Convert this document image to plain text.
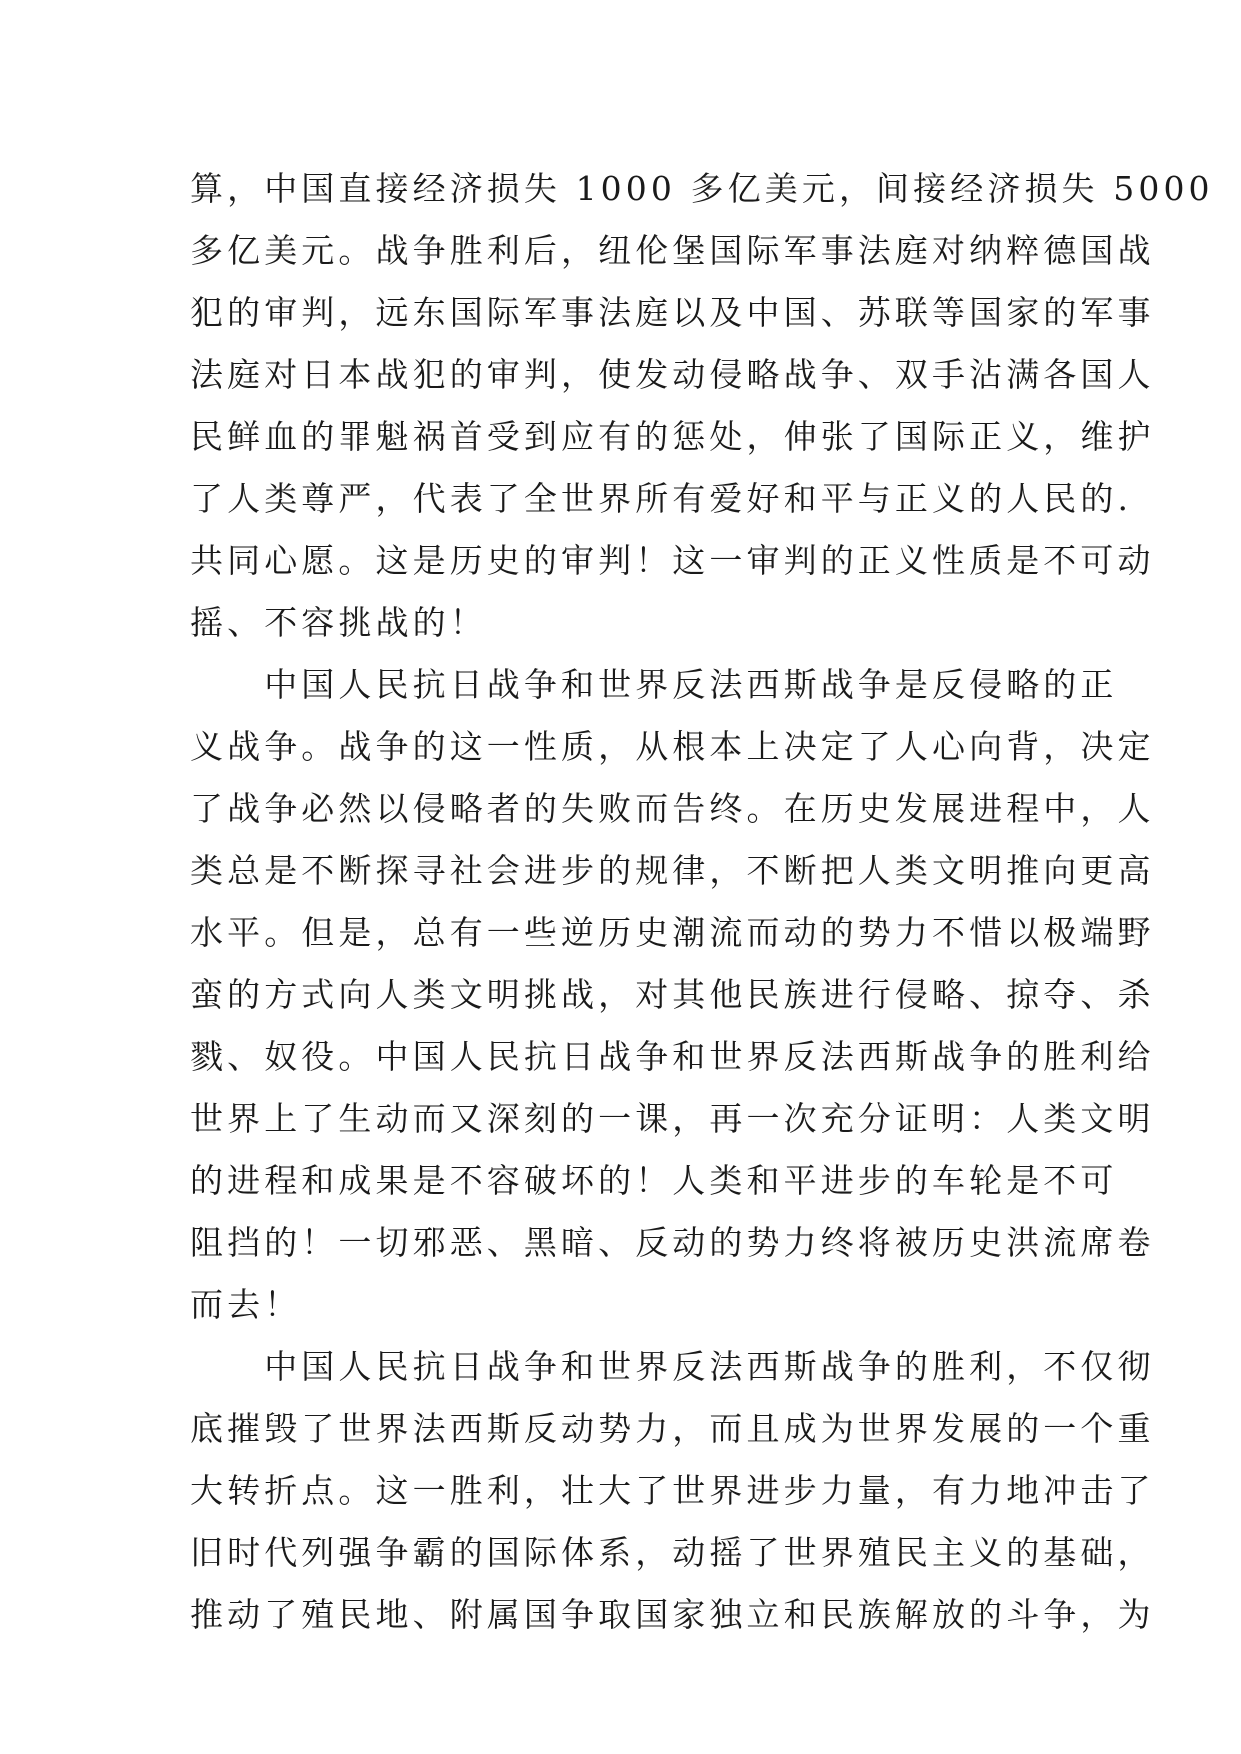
算，中国直接经济损失 1000 多亿美元，间接经济损失 5000
多亿美元。战争胜利后，纽伦堡国际军事法庭对纳粹德国战
犯的审判，远东国际军事法庭以及中国、苏联等国家的军事
法庭对日本战犯的审判，使发动侵略战争、双手沾满各国人
民鲜血的罪魁祸首受到应有的惩处，伸张了国际正义，维护
了人类尊严，代表了全世界所有爱好和平与正义的人民的.
共同心愿。这是历史的审判！这一审判的正义性质是不可动
摇、不容挑战的！
　　中国人民抗日战争和世界反法西斯战争是反侵略的正
义战争。战争的这一性质，从根本上决定了人心向背，决定
了战争必然以侵略者的失败而告终。在历史发展进程中，人
类总是不断探寻社会进步的规律，不断把人类文明推向更高
水平。但是，总有一些逆历史潮流而动的势力不惜以极端野
蛮的方式向人类文明挑战，对其他民族进行侵略、掠夺、杀
戮、奴役。中国人民抗日战争和世界反法西斯战争的胜利给
世界上了生动而又深刻的一课，再一次充分证明：人类文明
的进程和成果是不容破坏的！人类和平进步的车轮是不可
阻挡的！一切邪恶、黑暗、反动的势力终将被历史洪流席卷
而去！
　　中国人民抗日战争和世界反法西斯战争的胜利，不仅彻
底摧毁了世界法西斯反动势力，而且成为世界发展的一个重
大转折点。这一胜利，壮大了世界进步力量，有力地冲击了
旧时代列强争霸的国际体系，动摇了世界殖民主义的基础，
推动了殖民地、附属国争取国家独立和民族解放的斗争，为
